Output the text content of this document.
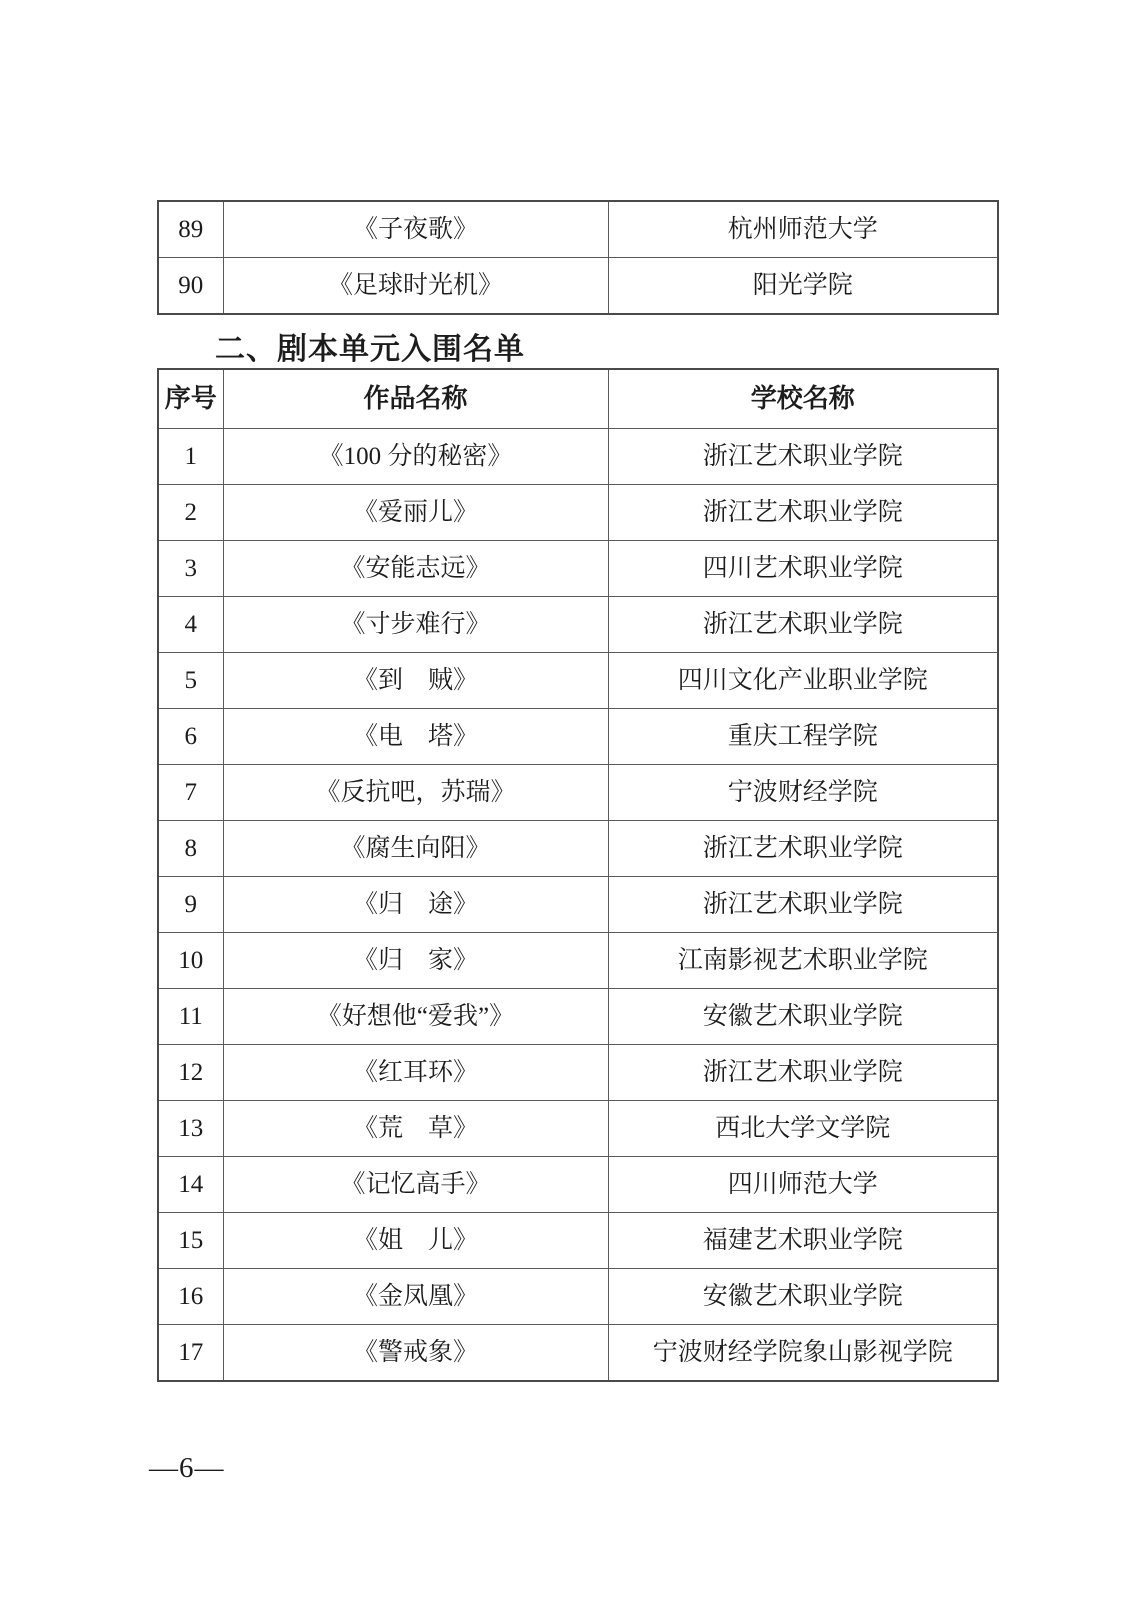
89	《子夜歌》	杭州师范大学
90	《足球时光机》	阳光学院
二、剧本单元入围名单
序号	作品名称	学校名称
1	《100 分的秘密》	浙江艺术职业学院
2	《爱丽儿》	浙江艺术职业学院
3	《安能志远》	四川艺术职业学院
4	《寸步难行》	浙江艺术职业学院
5	《到　贼》	四川文化产业职业学院
6	《电　塔》	重庆工程学院
7	《反抗吧，苏瑞》	宁波财经学院
8	《腐生向阳》	浙江艺术职业学院
9	《归　途》	浙江艺术职业学院
10	《归　家》	江南影视艺术职业学院
11	《好想他“爱我”》	安徽艺术职业学院
12	《红耳环》	浙江艺术职业学院
13	《荒　草》	西北大学文学院
14	《记忆高手》	四川师范大学
15	《姐　儿》	福建艺术职业学院
16	《金凤凰》	安徽艺术职业学院
17	《警戒象》	宁波财经学院象山影视学院
—6—
